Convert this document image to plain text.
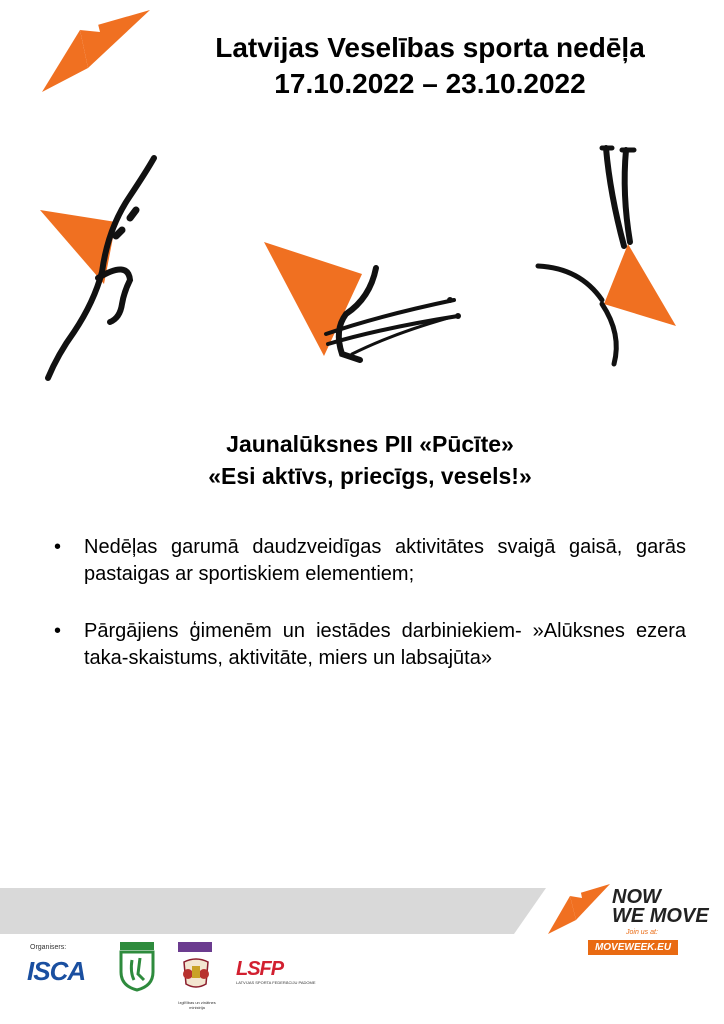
Latvijas Veselības sporta nedēļa
17.10.2022 – 23.10.2022
Jaunalūksnes PII «Pūcīte»
«Esi aktīvs, priecīgs, vesels!»
• Nedēļas garumā daudzveidīgas aktivitātes svaigā gaisā, garās pastaigas ar sportiskiem elementiem;
• Pārgājiens ģimenēm un iestādes darbiniekiem- »Alūksnes ezera taka-skaistums, aktivitāte, miers un labsajūta»
Organisers:
ISCA
Izglītības un zinātnes ministrija
LSFP
LATVIJAS SPORTA FEDERĀCIJU PADOME
NOW
WE MOVE
Join us at:
MOVEWEEK.EU
